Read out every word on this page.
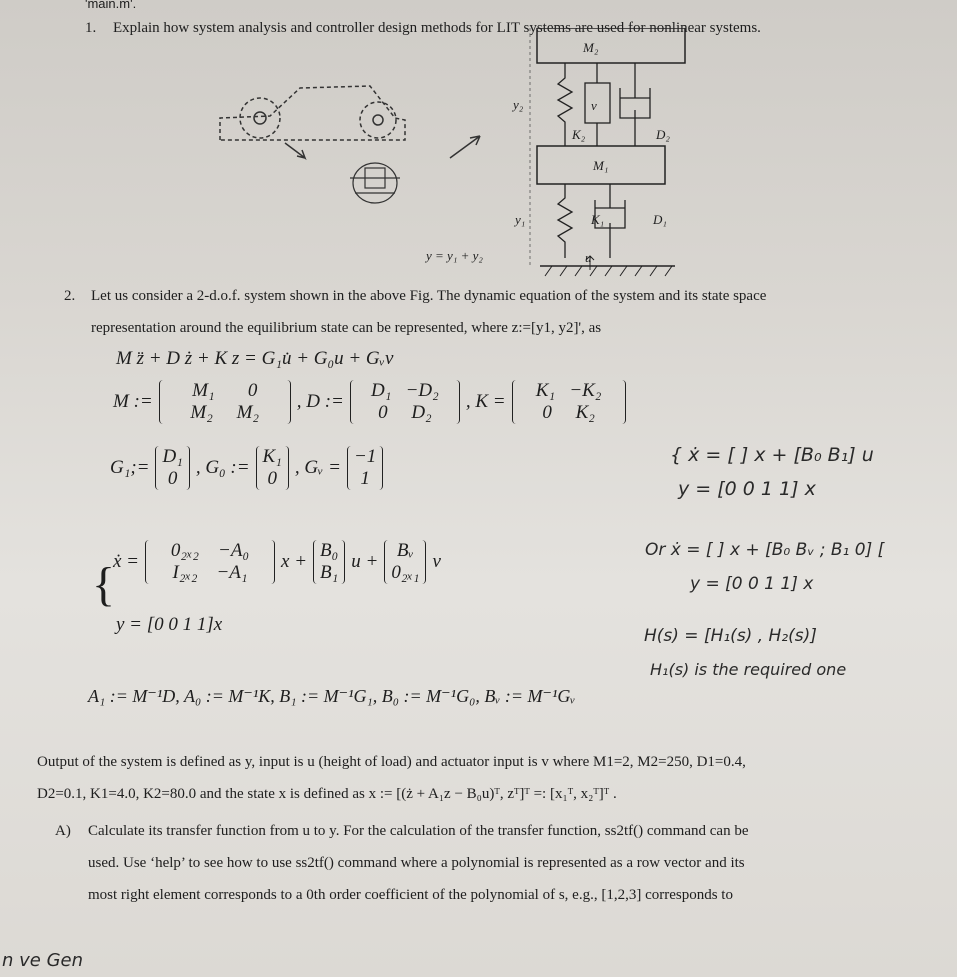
'main.m'.
1. Explain how system analysis and controller design methods for LIT systems are used for nonlinear systems.
M₂
v
K₂	D₂
M₁
K₁	D₁
y₂
y₁
u
y = y₁ + y₂
2. Let us consider a 2-d.o.f. system shown in the above Fig. The dynamic equation of the system and its state space
representation around the equilibrium state can be represented, where z:=[y1, y2]', as
M z̈ + D ż + K z = G₁u̇ + G₀u + Gᵥv
M :=
M₁ 0
M₂ M₂
, D :=
D₁ −D₂
0 D₂
, K =
K₁ −K₂
0 K₂
G₁;=
D₁
0
, G₀ :=
K₁
0
, Gᵥ =
−1
1
{
ẋ =
0₂ₓ₂ −A₀
I₂ₓ₂ −A₁
x +
B₀
B₁
u +
Bᵥ
0₂ₓ₁
v
y = [0 0 1 1]x
A₁ := M⁻¹D, A₀ := M⁻¹K, B₁ := M⁻¹G₁, B₀ := M⁻¹G₀, Bᵥ := M⁻¹Gᵥ
{ ẋ = [ ] x + [B₀ B₁] u
y = [0 0 1 1] x
Or ẋ = [ ] x + [B₀ Bᵥ ; B₁ 0] [
y = [0 0 1 1] x
H(s) = [H₁(s) , H₂(s)]
H₁(s) is the required one
Output of the system is defined as y, input is u (height of load) and actuator input is v where M1=2, M2=250, D1=0.4,
D2=0.1, K1=4.0, K2=80.0 and the state x is defined as x := [(ż + A₁z − B₀u)ᵀ, zᵀ]ᵀ =: [x₁ᵀ, x₂ᵀ]ᵀ .
A) Calculate its transfer function from u to y. For the calculation of the transfer function, ss2tf() command can be
used. Use ‘help’ to see how to use ss2tf() command where a polynomial is represented as a row vector and its
most right element corresponds to a 0th order coefficient of the polynomial of s, e.g., [1,2,3] corresponds to
n ve Gen
